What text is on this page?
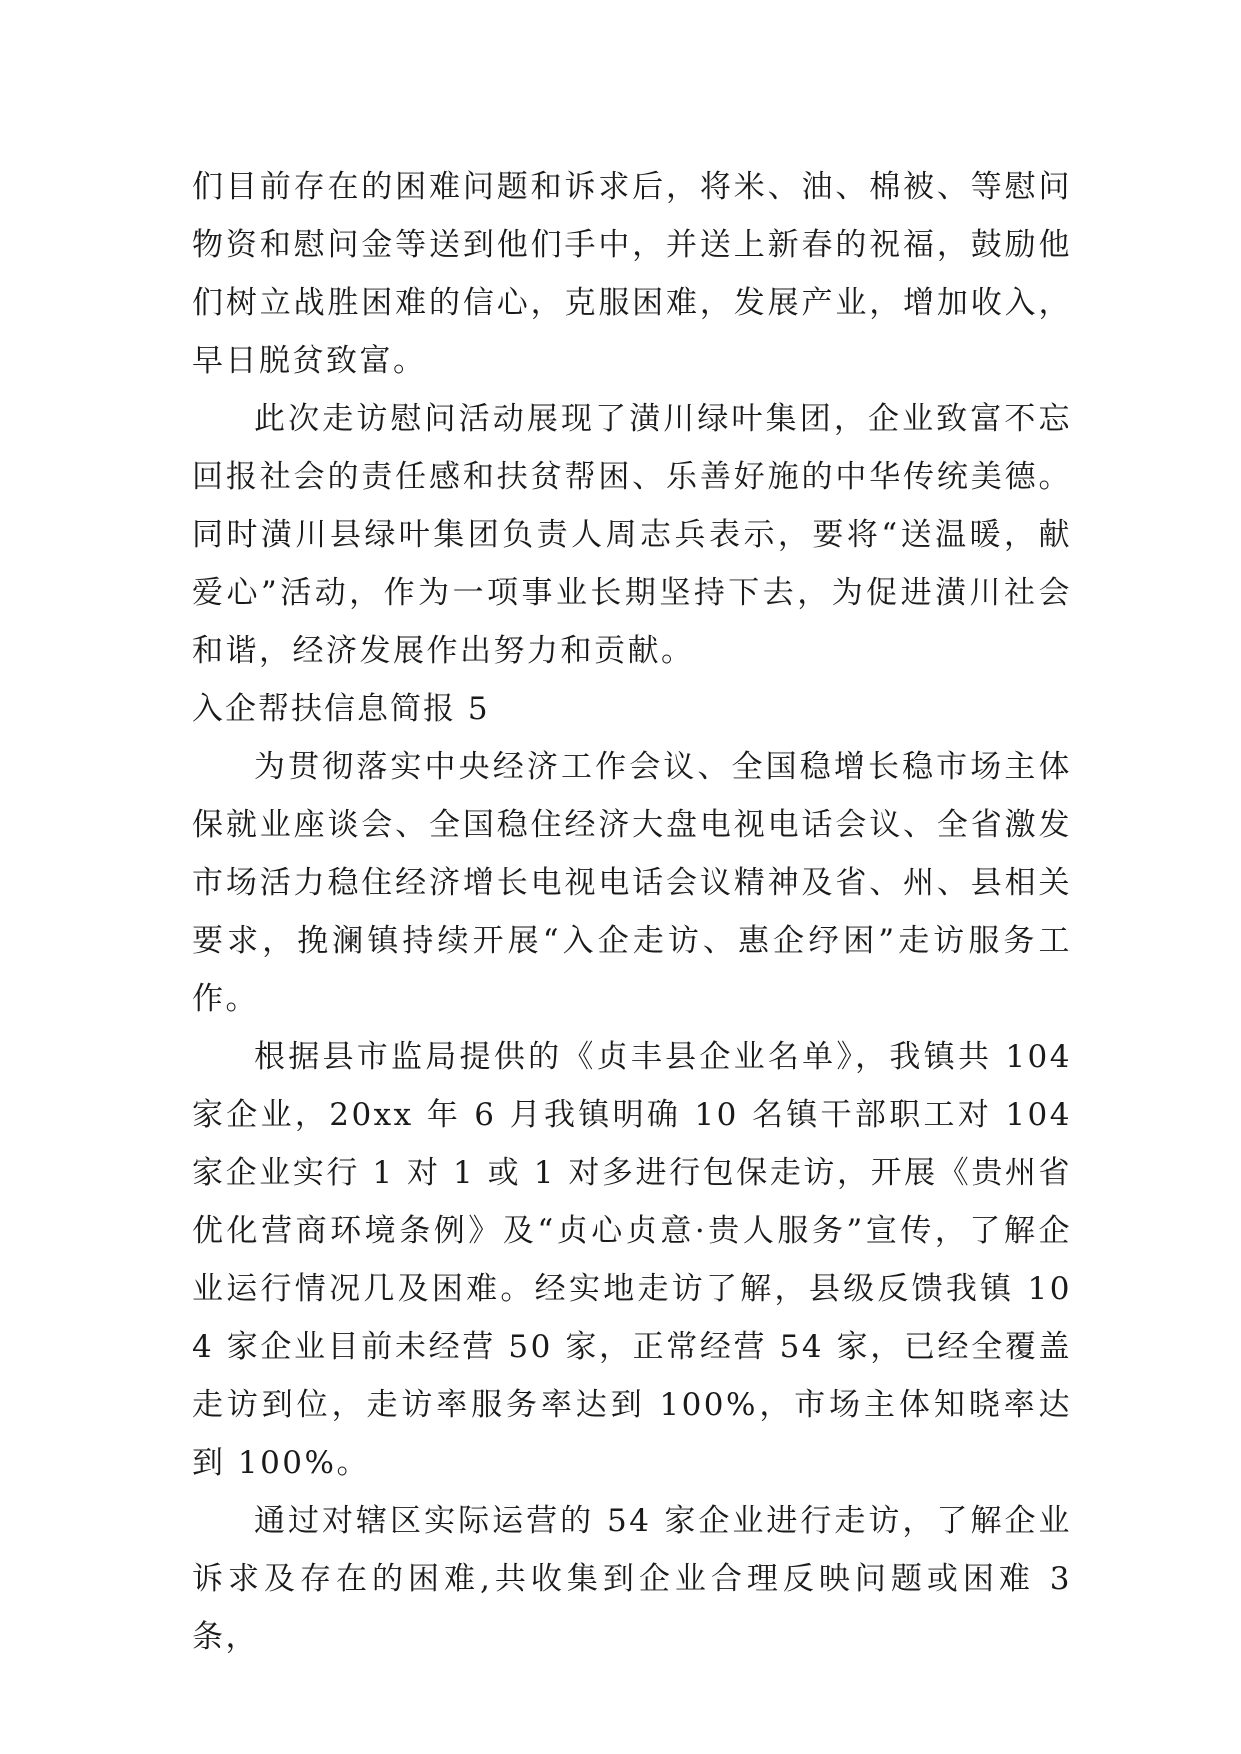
们目前存在的困难问题和诉求后，将米、油、棉被、等慰问物资和慰问金等送到他们手中，并送上新春的祝福，鼓励他们树立战胜困难的信心，克服困难，发展产业，增加收入，早日脱贫致富。

此次走访慰问活动展现了潢川绿叶集团，企业致富不忘回报社会的责任感和扶贫帮困、乐善好施的中华传统美德。同时潢川县绿叶集团负责人周志兵表示，要将“送温暖，献爱心”活动，作为一项事业长期坚持下去，为促进潢川社会和谐，经济发展作出努力和贡献。

入企帮扶信息简报 5

为贯彻落实中央经济工作会议、全国稳增长稳市场主体保就业座谈会、全国稳住经济大盘电视电话会议、全省激发市场活力稳住经济增长电视电话会议精神及省、州、县相关要求，挽澜镇持续开展“入企走访、惠企纾困”走访服务工作。

根据县市监局提供的《贞丰县企业名单》，我镇共 104 家企业，20xx 年 6 月我镇明确 10 名镇干部职工对 104 家企业实行 1 对 1 或 1 对多进行包保走访，开展《贵州省优化营商环境条例》及“贞心贞意·贵人服务”宣传，了解企业运行情况几及困难。经实地走访了解，县级反馈我镇 104 家企业目前未经营 50 家，正常经营 54 家，已经全覆盖走访到位，走访率服务率达到 100%，市场主体知晓率达到 100%。

通过对辖区实际运营的 54 家企业进行走访，了解企业诉求及存在的困难,共收集到企业合理反映问题或困难 3 条，
